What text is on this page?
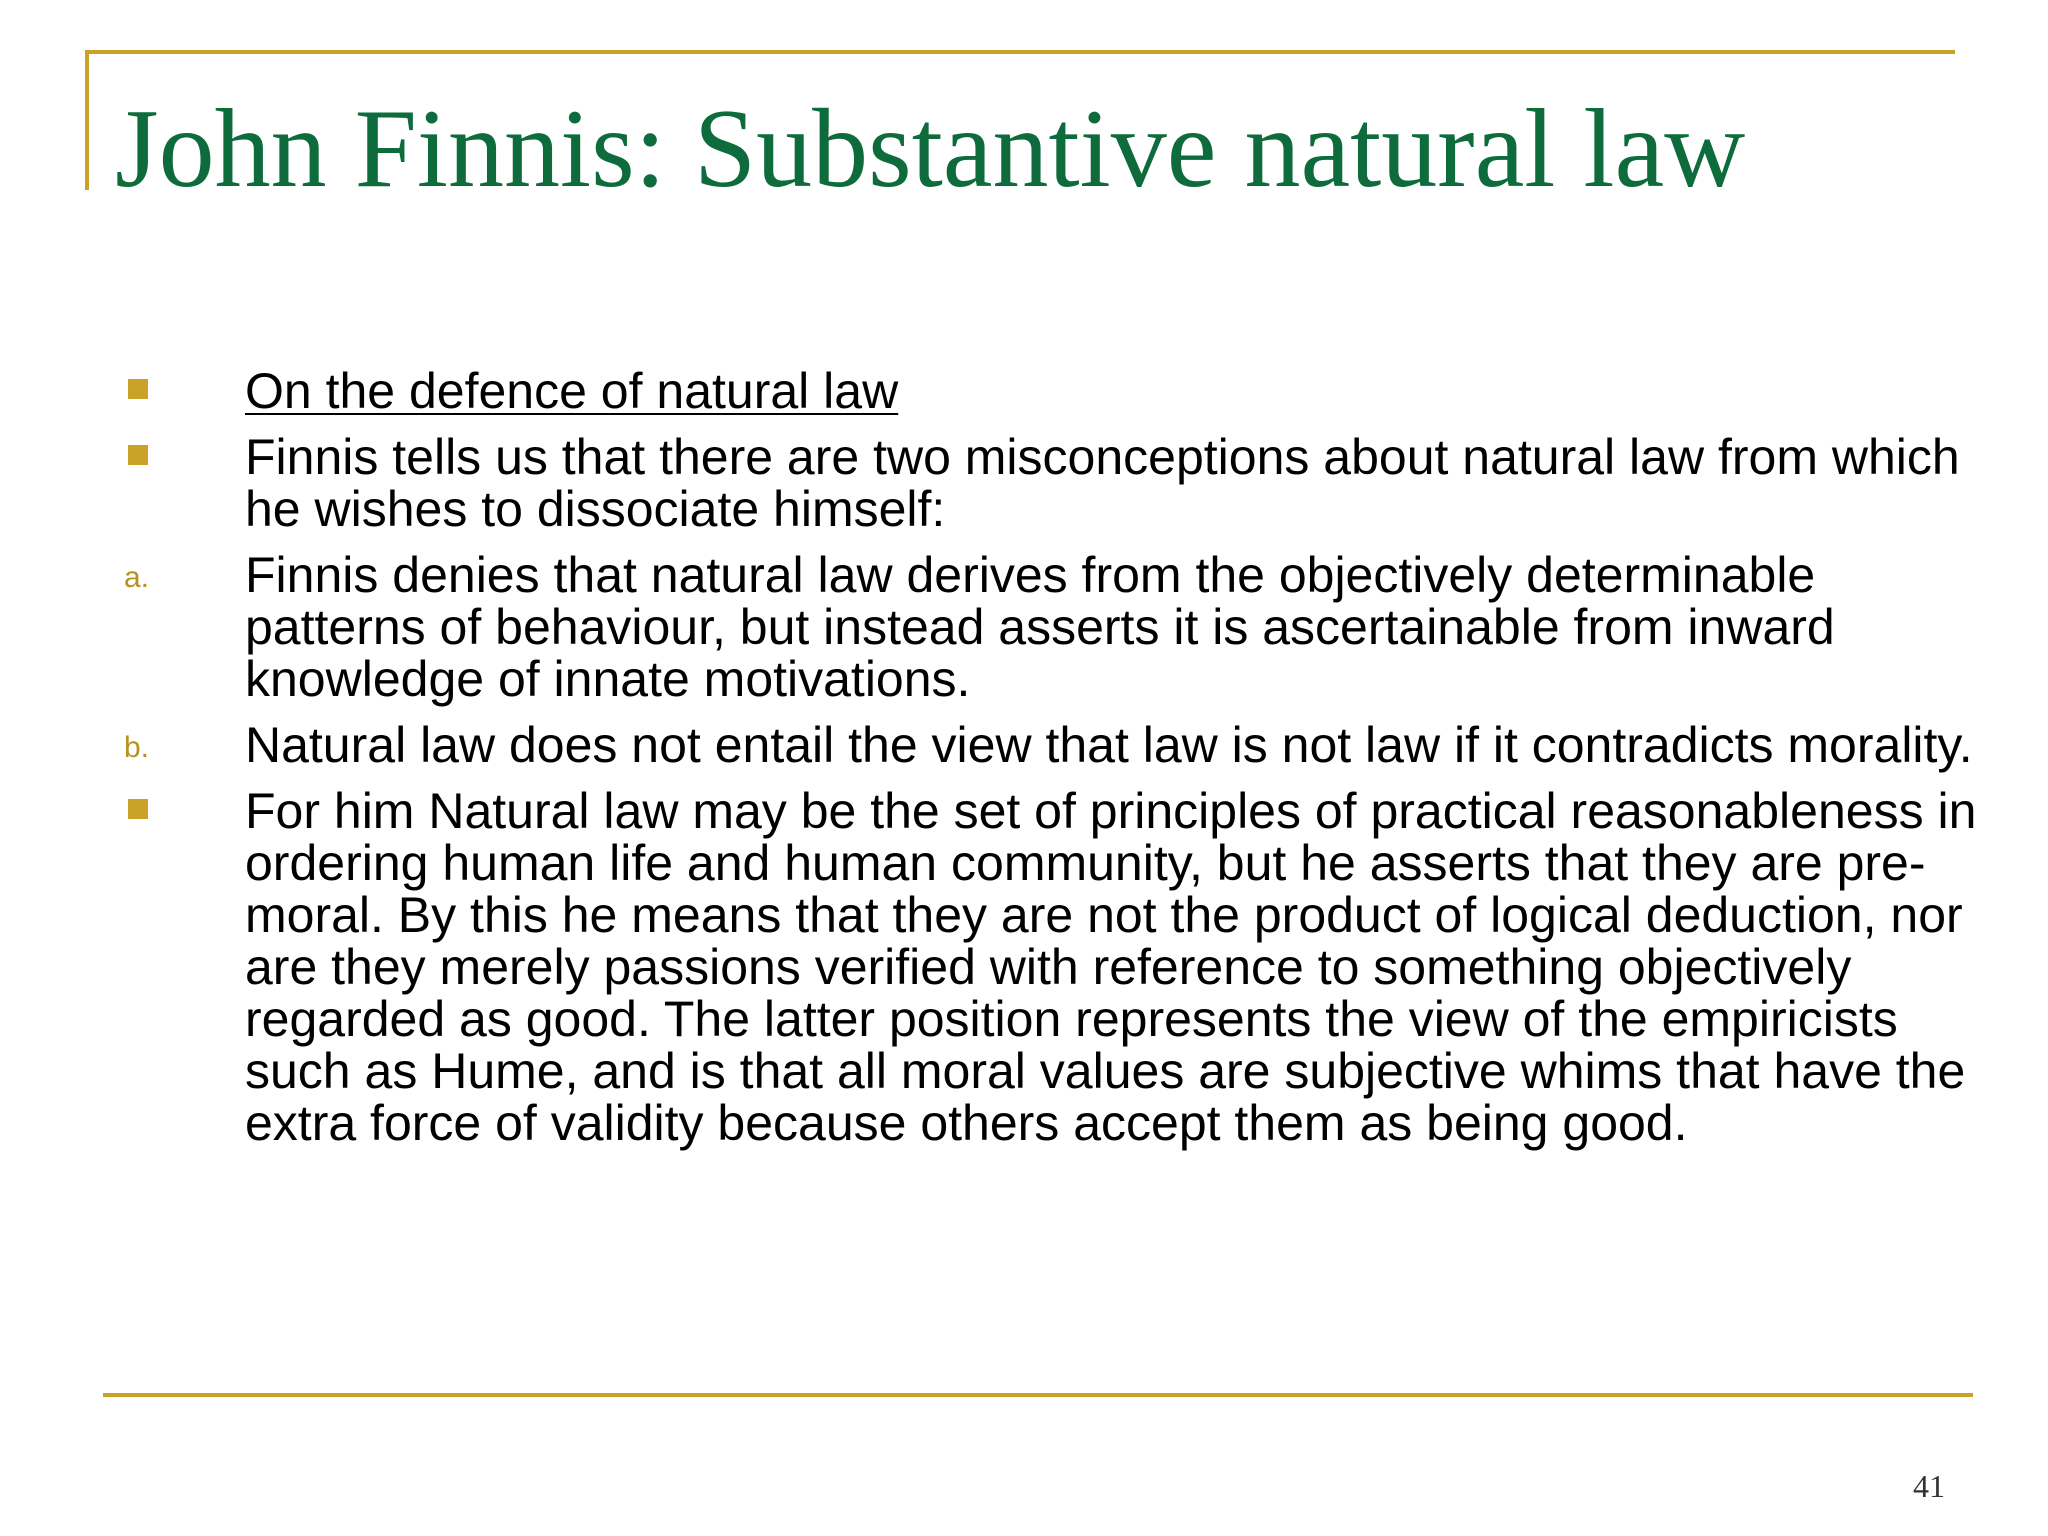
John Finnis: Substantive natural law
On the defence of natural law
Finnis tells us that there are two misconceptions about natural law from which he wishes to dissociate himself:
a. Finnis denies that natural law derives from the objectively determinable patterns of behaviour, but instead asserts it is ascertainable from inward knowledge of innate motivations.
b. Natural law does not entail the view that law is not law if it contradicts morality.
For him Natural law may be the set of principles of practical reasonableness in ordering human life and human community, but he asserts that they are pre-moral. By this he means that they are not the product of logical deduction, nor are they merely passions verified with reference to something objectively regarded as good. The latter position represents the view of the empiricists such as Hume, and is that all moral values are subjective whims that have the extra force of validity because others accept them as being good.
41
